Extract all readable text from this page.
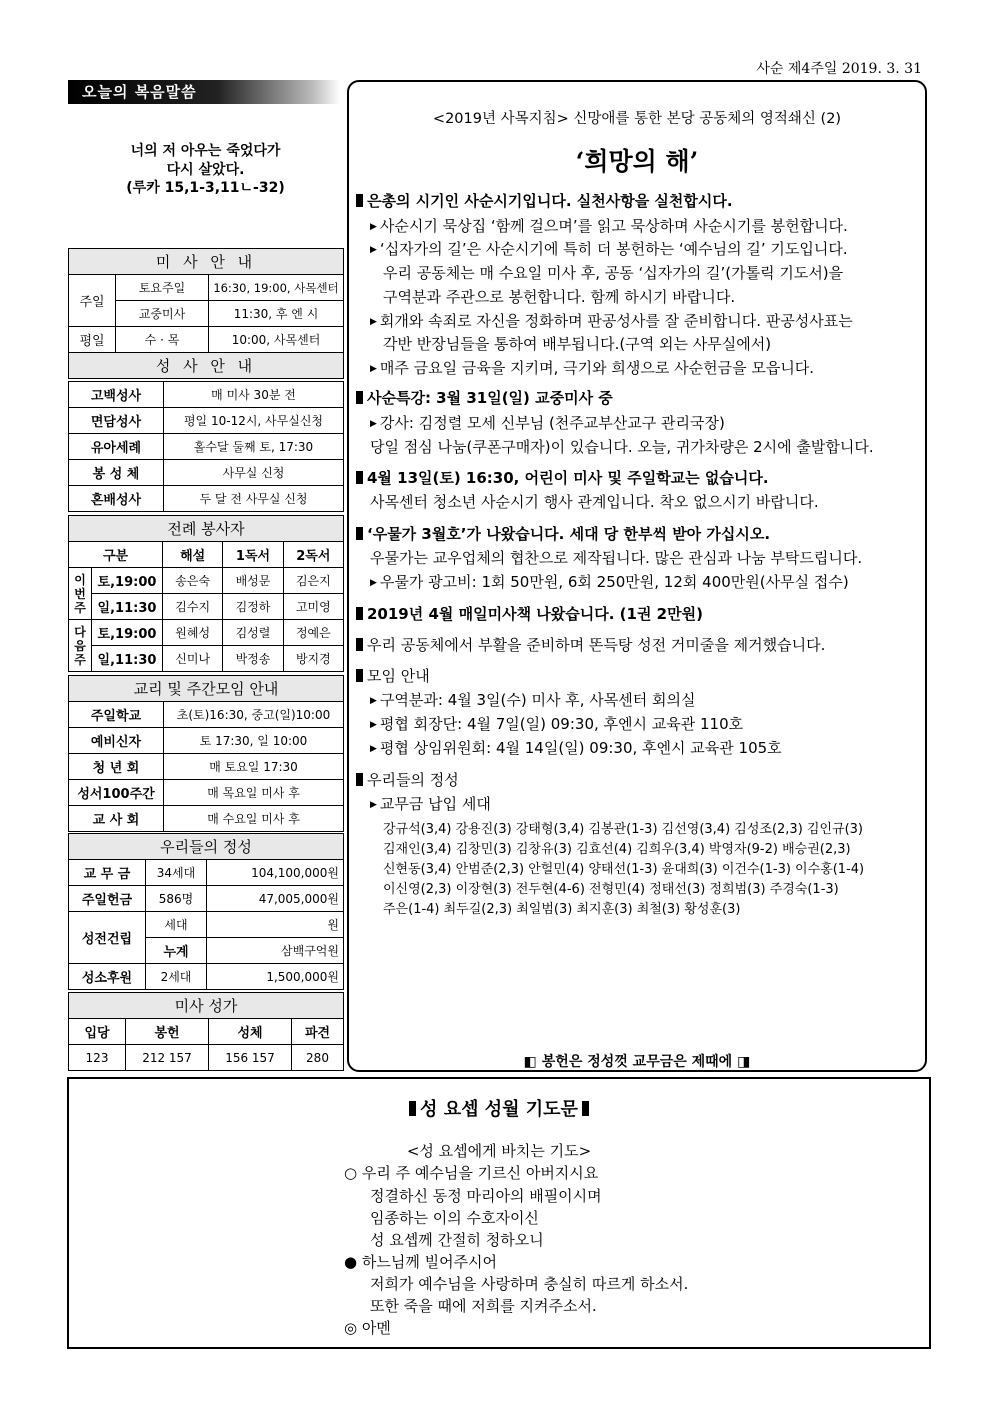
사순 제4주일 2019. 3. 31
오늘의 복음말씀
너의 저 아우는 죽었다가
다시 살았다.
(루카 15,1-3,11ㄴ-32)
미 사 안 내		
주일	토요주일	16:30, 19:00, 사목센터
	교중미사	11:30, 후 엔 시
평일	수 · 목	10:00, 사목센터
성 사 안 내		
고백성사	매 미사 30분 전
면담성사	평일 10-12시, 사무실신청
유아세례	홀수달 둘째 토, 17:30
봉 성 체	사무실 신청
혼배성사	두 달 전 사무실 신청
전례 봉사자				
구분		해설	1독서	2독서
이번주	토,19:00	송은숙	배성문	김은지
	일,11:30	김수지	김정하	고미영
다음주	토,19:00	원혜성	김성렬	정예은
	일,11:30	신미나	박정송	방지경
교리 및 주간모임 안내	
주일학교	초(토)16:30, 중고(일)10:00
예비신자	토 17:30, 일 10:00
청 년 회	매 토요일 17:30
성서100주간	매 목요일 미사 후
교 사 회	매 수요일 미사 후
우리들의 정성		
교 무 금	34세대	104,100,000원
주일헌금	586명	47,005,000원
성전건립	세대	원
	누계	삼백구억원
성소후원	2세대	1,500,000원
미사 성가			
입당	봉헌	성체	파견
123	212 157	156 157	280
<2019년 사목지침> 신망애를 통한 본당 공동체의 영적쇄신 (2)
‘희망의 해’
은총의 시기인 사순시기입니다. 실천사항을 실천합시다.
▶ 사순시기 묵상집 ‘함께 걸으며’를 읽고 묵상하며 사순시기를 봉헌합니다.
▶ ‘십자가의 길’은 사순시기에 특히 더 봉헌하는 ‘예수님의 길’ 기도입니다.
우리 공동체는 매 수요일 미사 후, 공동 ‘십자가의 길’(가톨릭 기도서)을
구역분과 주관으로 봉헌합니다. 함께 하시기 바랍니다.
▶ 회개와 속죄로 자신을 정화하며 판공성사를 잘 준비합니다. 판공성사표는
각반 반장님들을 통하여 배부됩니다.(구역 외는 사무실에서)
▶ 매주 금요일 금육을 지키며, 극기와 희생으로 사순헌금을 모읍니다.
사순특강: 3월 31일(일) 교중미사 중
▶ 강사: 김정렬 모세 신부님 (천주교부산교구 관리국장)
당일 점심 나눔(쿠폰구매자)이 있습니다. 오늘, 귀가차량은 2시에 출발합니다.
4월 13일(토) 16:30, 어린이 미사 및 주일학교는 없습니다.
사목센터 청소년 사순시기 행사 관계입니다. 착오 없으시기 바랍니다.
‘우물가 3월호’가 나왔습니다. 세대 당 한부씩 받아 가십시오.
우물가는 교우업체의 협찬으로 제작됩니다. 많은 관심과 나눔 부탁드립니다.
▶ 우물가 광고비: 1회 50만원, 6회 250만원, 12회 400만원(사무실 접수)
2019년 4월 매일미사책 나왔습니다. (1권 2만원)
우리 공동체에서 부활을 준비하며 똔득탕 성전 거미줄을 제거했습니다.
모임 안내
▶ 구역분과: 4월 3일(수) 미사 후, 사목센터 회의실
▶ 평협 회장단: 4월 7일(일) 09:30, 후엔시 교육관 110호
▶ 평협 상임위원회: 4월 14일(일) 09:30, 후엔시 교육관 105호
우리들의 정성
▶ 교무금 납입 세대
강규석(3,4) 강용진(3) 강태형(3,4) 김봉관(1-3) 김선영(3,4) 김성조(2,3) 김인규(3)
김재인(3,4) 김창민(3) 김창유(3) 김효선(4) 김희우(3,4) 박영자(9-2) 배승권(2,3)
신현동(3,4) 안범준(2,3) 안헐민(4) 양태선(1-3) 윤대희(3) 이건수(1-3) 이수홍(1-4)
이신영(2,3) 이장현(3) 전두현(4-6) 전형민(4) 정태선(3) 정희범(3) 주경숙(1-3)
주은(1-4) 최두길(2,3) 최일범(3) 최지훈(3) 최철(3) 황성훈(3)
◧ 봉헌은 정성껏 교무금은 제때에 ◨
성 요셉 성월 기도문
<성 요셉에게 바치는 기도>
○ 우리 주 예수님을 기르신 아버지시요
정결하신 동정 마리아의 배필이시며
임종하는 이의 수호자이신
성 요셉께 간절히 청하오니
● 하느님께 빌어주시어
저희가 예수님을 사랑하며 충실히 따르게 하소서.
또한 죽을 때에 저희를 지켜주소서.
◎ 아멘
